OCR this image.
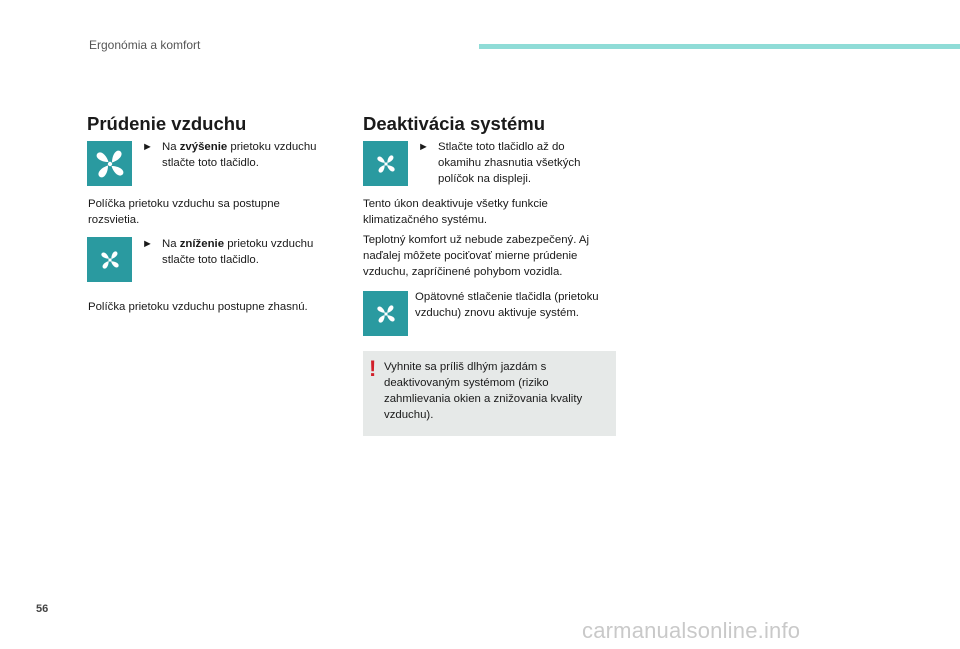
Ergonómia a komfort
Prúdenie vzduchu
► Na zvýšenie prietoku vzduchu
stlačte toto tlačidlo.
Políčka prietoku vzduchu sa postupne
rozsvietia.
► Na zníženie prietoku vzduchu
stlačte toto tlačidlo.
Políčka prietoku vzduchu postupne zhasnú.
Deaktivácia systému
► Stlačte toto tlačidlo až do
okamihu zhasnutia všetkých
políčok na displeji.
Tento úkon deaktivuje všetky funkcie
klimatizačného systému.
Teplotný komfort už nebude zabezpečený. Aj
naďalej môžete pociťovať mierne prúdenie
vzduchu, zapríčinené pohybom vozidla.
Opätovné stlačenie tlačidla (prietoku
vzduchu) znovu aktivuje systém.
! Vyhnite sa príliš dlhým jazdám s
deaktivovaným systémom (riziko
zahmlievania okien a znižovania kvality
vzduchu).
56
carmanualsonline.info
